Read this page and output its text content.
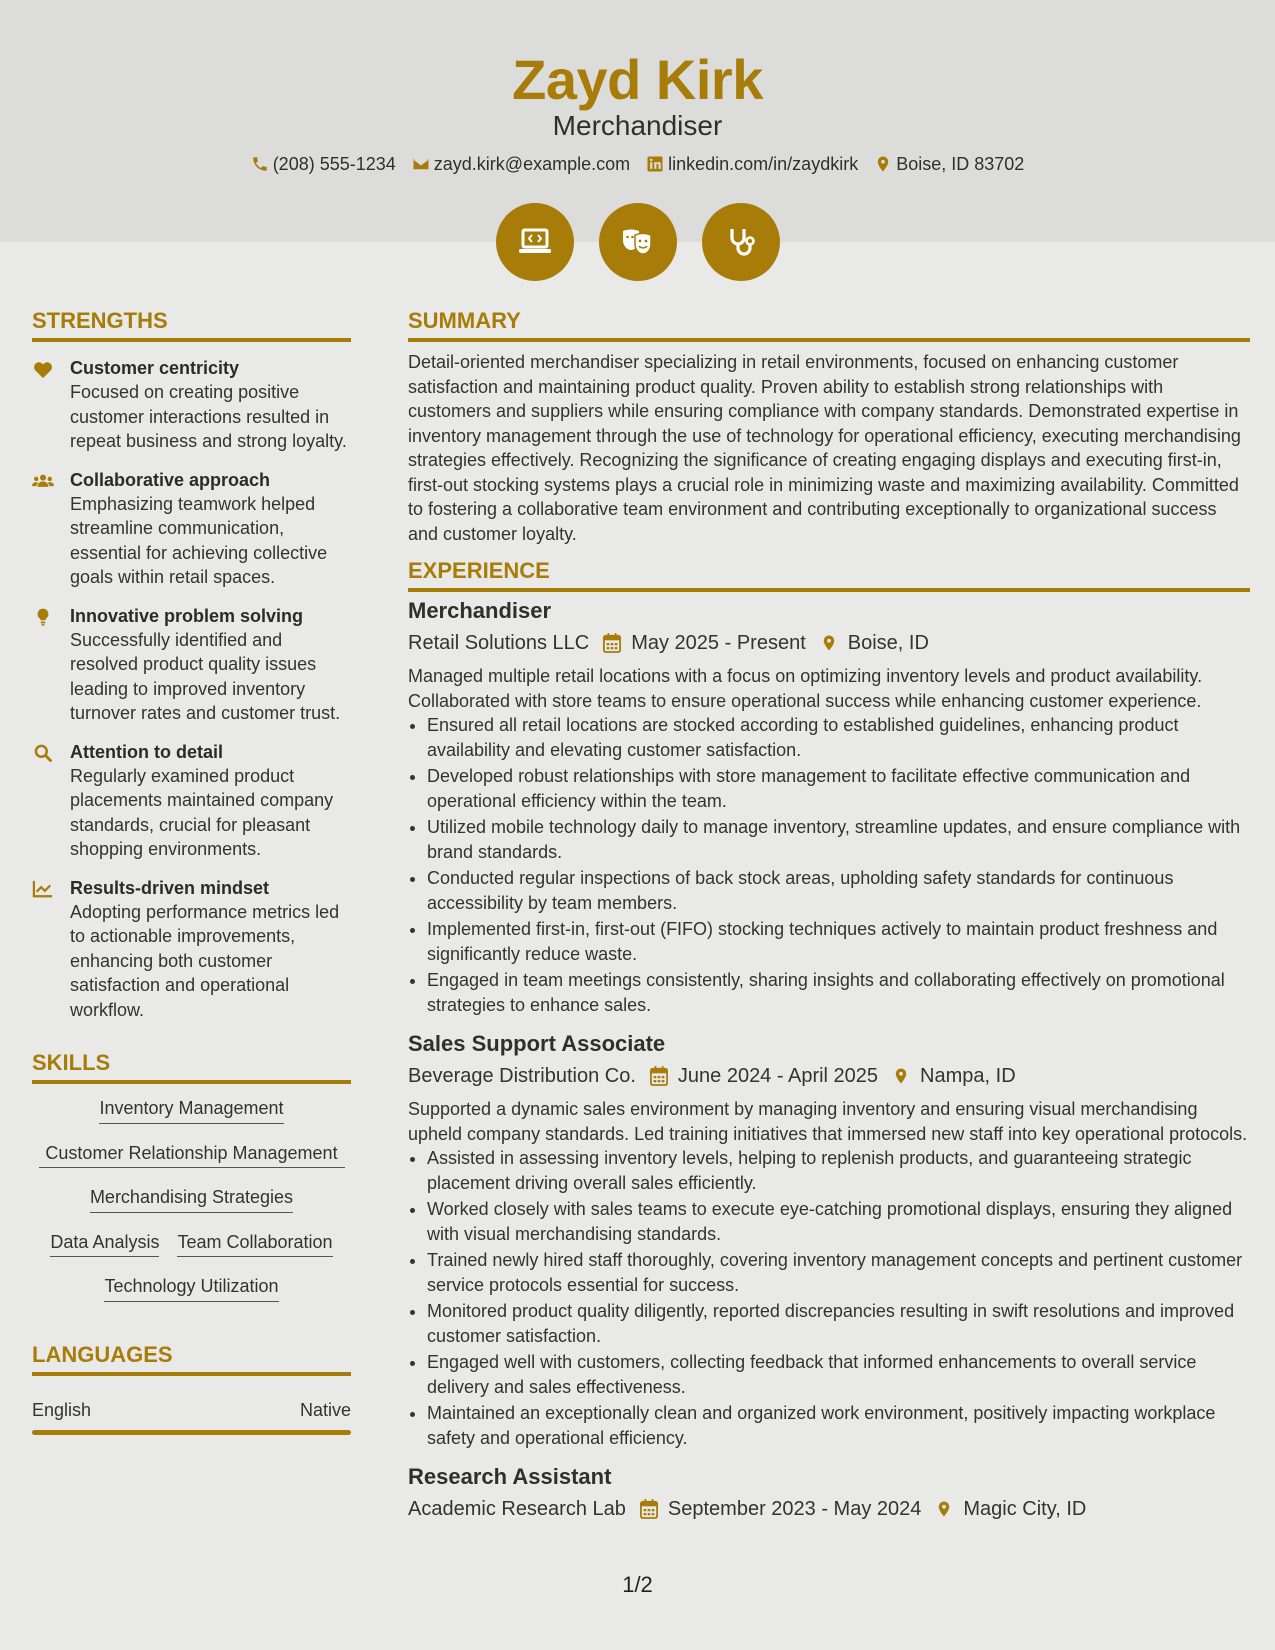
Zayd Kirk
Merchandiser
(208) 555-1234 zayd.kirk@example.com linkedin.com/in/zaydkirk Boise, ID 83702
STRENGTHS
Customer centricity
Focused on creating positive customer interactions resulted in repeat business and strong loyalty.
Collaborative approach
Emphasizing teamwork helped streamline communication, essential for achieving collective goals within retail spaces.
Innovative problem solving
Successfully identified and resolved product quality issues leading to improved inventory turnover rates and customer trust.
Attention to detail
Regularly examined product placements maintained company standards, crucial for pleasant shopping environments.
Results-driven mindset
Adopting performance metrics led to actionable improvements, enhancing both customer satisfaction and operational workflow.
SKILLS
Inventory Management
Customer Relationship Management
Merchandising Strategies
Data Analysis Team Collaboration
Technology Utilization
LANGUAGES
English	Native
SUMMARY
Detail-oriented merchandiser specializing in retail environments, focused on enhancing customer satisfaction and maintaining product quality. Proven ability to establish strong relationships with customers and suppliers while ensuring compliance with company standards. Demonstrated expertise in inventory management through the use of technology for operational efficiency, executing merchandising strategies effectively. Recognizing the significance of creating engaging displays and executing first-in, first-out stocking systems plays a crucial role in minimizing waste and maximizing availability. Committed to fostering a collaborative team environment and contributing exceptionally to organizational success and customer loyalty.
EXPERIENCE
Merchandiser
Retail Solutions LLC May 2025 - Present Boise, ID
Managed multiple retail locations with a focus on optimizing inventory levels and product availability. Collaborated with store teams to ensure operational success while enhancing customer experience.
• Ensured all retail locations are stocked according to established guidelines, enhancing product availability and elevating customer satisfaction.
• Developed robust relationships with store management to facilitate effective communication and operational efficiency within the team.
• Utilized mobile technology daily to manage inventory, streamline updates, and ensure compliance with brand standards.
• Conducted regular inspections of back stock areas, upholding safety standards for continuous accessibility by team members.
• Implemented first-in, first-out (FIFO) stocking techniques actively to maintain product freshness and significantly reduce waste.
• Engaged in team meetings consistently, sharing insights and collaborating effectively on promotional strategies to enhance sales.
Sales Support Associate
Beverage Distribution Co. June 2024 - April 2025 Nampa, ID
Supported a dynamic sales environment by managing inventory and ensuring visual merchandising upheld company standards. Led training initiatives that immersed new staff into key operational protocols.
• Assisted in assessing inventory levels, helping to replenish products, and guaranteeing strategic placement driving overall sales efficiently.
• Worked closely with sales teams to execute eye-catching promotional displays, ensuring they aligned with visual merchandising standards.
• Trained newly hired staff thoroughly, covering inventory management concepts and pertinent customer service protocols essential for success.
• Monitored product quality diligently, reported discrepancies resulting in swift resolutions and improved customer satisfaction.
• Engaged well with customers, collecting feedback that informed enhancements to overall service delivery and sales effectiveness.
• Maintained an exceptionally clean and organized work environment, positively impacting workplace safety and operational efficiency.
Research Assistant
Academic Research Lab September 2023 - May 2024 Magic City, ID
1/2
